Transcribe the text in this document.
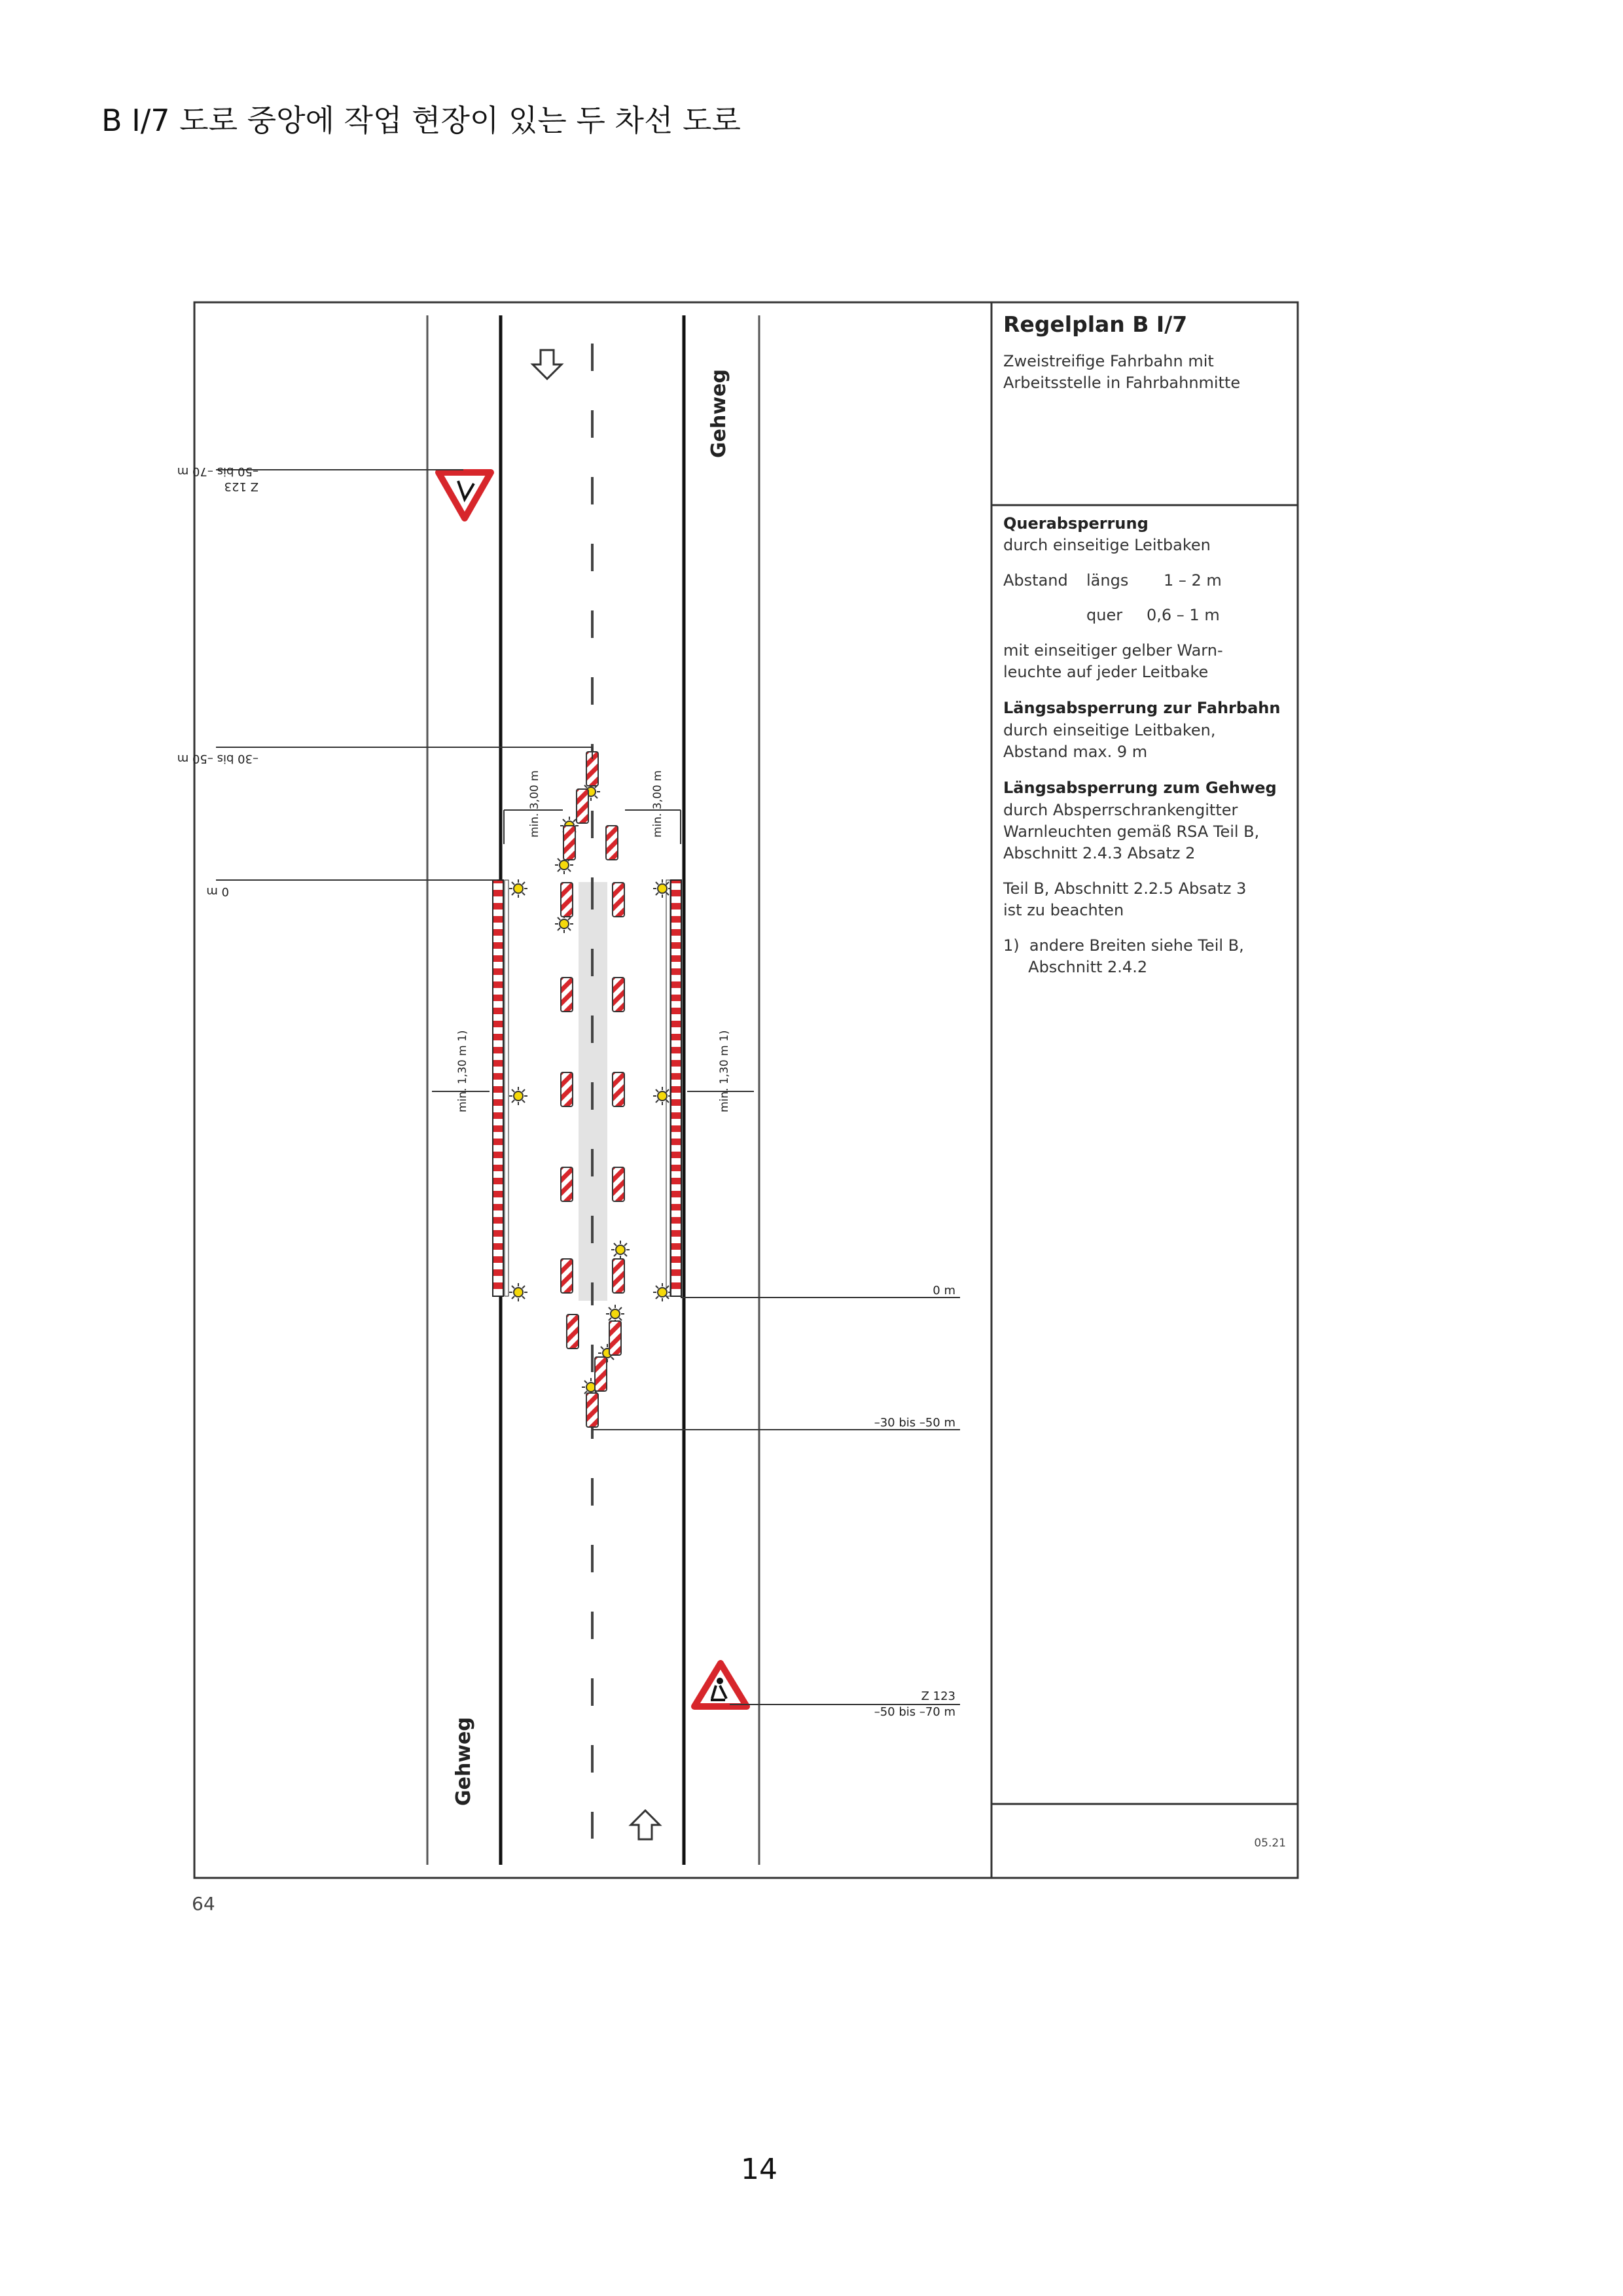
B I/7 도로 중앙에 작업 현장이 있는 두 차선 도로
Z 123
–50 bis –70 m
–30 bis –50 m
0 m
0 m
–30 bis –50 m
Z 123
–50 bis –70 m
min. 3,00 m	min. 3,00 m
min. 1,30 m 1)	min. 1,30 m 1)
Gehweg
Gehweg
Regelplan B I/7
Zweistreifige Fahrbahn mit
Arbeitsstelle in Fahrbahnmitte
Querabsperrung
durch einseitige Leitbaken
Abstand längs 1 – 2 m
quer 0,6 – 1 m
mit einseitiger gelber Warn-
leuchte auf jeder Leitbake
Längsabsperrung zur Fahrbahn
durch einseitige Leitbaken,
Abstand max. 9 m
Längsabsperrung zum Gehweg
durch Absperrschrankengitter
Warnleuchten gemäß RSA Teil B,
Abschnitt 2.4.3 Absatz 2
Teil B, Abschnitt 2.2.5 Absatz 3
ist zu beachten
1)  andere Breiten siehe Teil B,
Abschnitt 2.4.2
05.21
64
14
